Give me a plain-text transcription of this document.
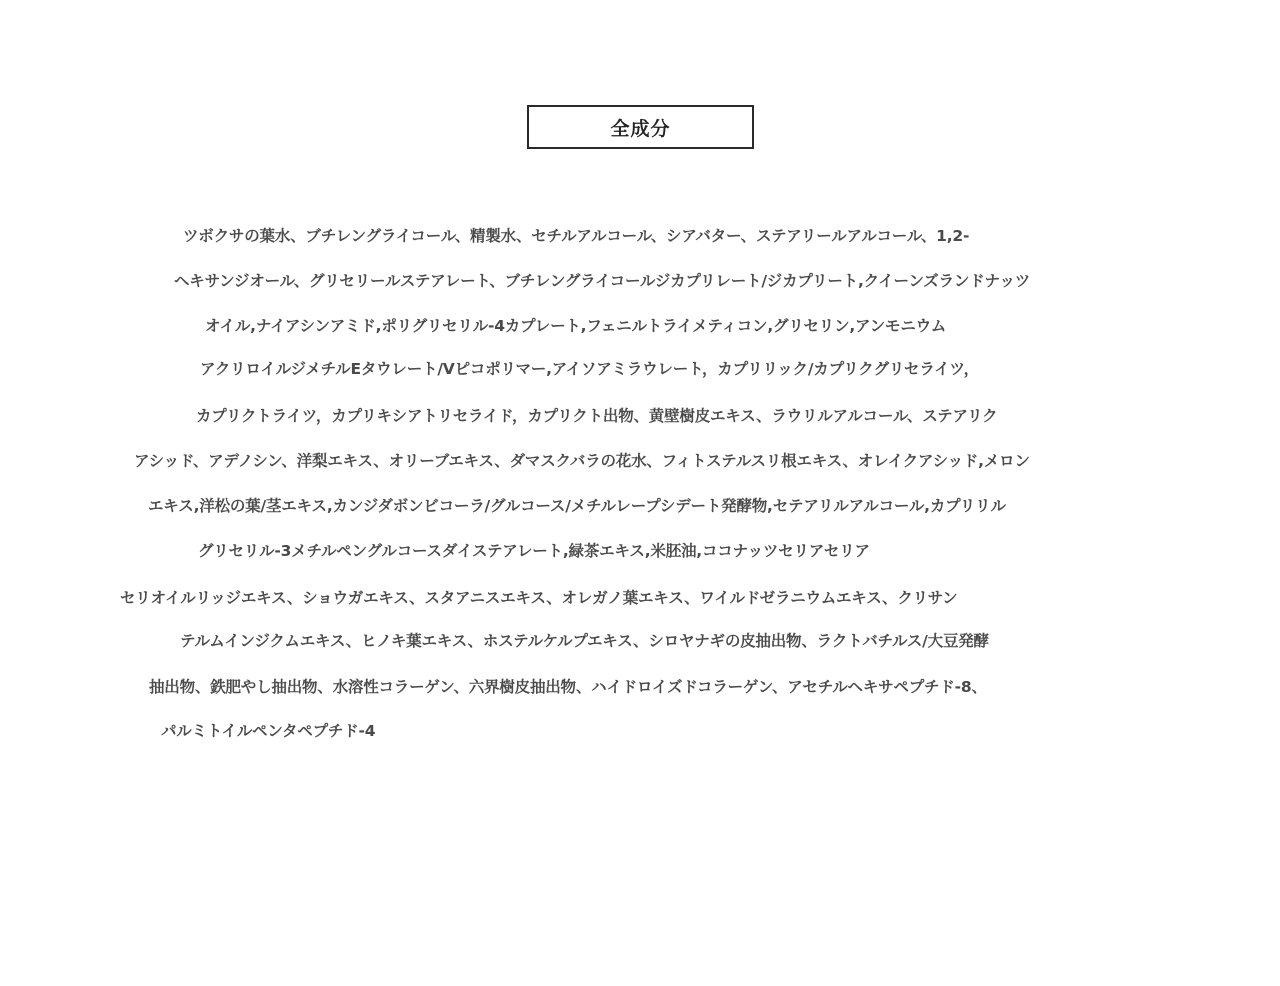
全成分
ツボクサの葉水、ブチレングライコール、精製水、セチルアルコール、シアバター、ステアリールアルコール、1,2-
ヘキサンジオール、グリセリールステアレート、ブチレングライコールジカプリレート/ジカプリート,クイーンズランドナッツ
オイル,ナイアシンアミド,ポリグリセリル-4カプレート,フェニルトライメティコン,グリセリン,アンモニウム
アクリロイルジメチルEタウレート/Vピコポリマー,アイソアミラウレート，カプリリック/カプリクグリセライツ，
カプリクトライツ，カプリキシアトリセライド，カプリクト出物、黄壁樹皮エキス、ラウリルアルコール、ステアリク
アシッド、アデノシン、洋梨エキス、オリーブエキス、ダマスクバラの花水、フィトステルスリ根エキス、オレイクアシッド,メロン
エキス,洋松の葉/茎エキス,カンジダボンビコーラ/グルコース/メチルレープシデート発酵物,セテアリルアルコール,カプリリル
グリセリル-3メチルペングルコースダイステアレート,緑茶エキス,米胚油,ココナッツセリアセリア
セリオイルリッジエキス、ショウガエキス、スタアニスエキス、オレガノ葉エキス、ワイルドゼラニウムエキス、クリサン
テルムインジクムエキス、ヒノキ葉エキス、ホステルケルプエキス、シロヤナギの皮抽出物、ラクトバチルス/大豆発酵
抽出物、鉄肥やし抽出物、水溶性コラーゲン、六界樹皮抽出物、ハイドロイズドコラーゲン、アセチルヘキサペプチド-8、
パルミトイルペンタペプチド-4
